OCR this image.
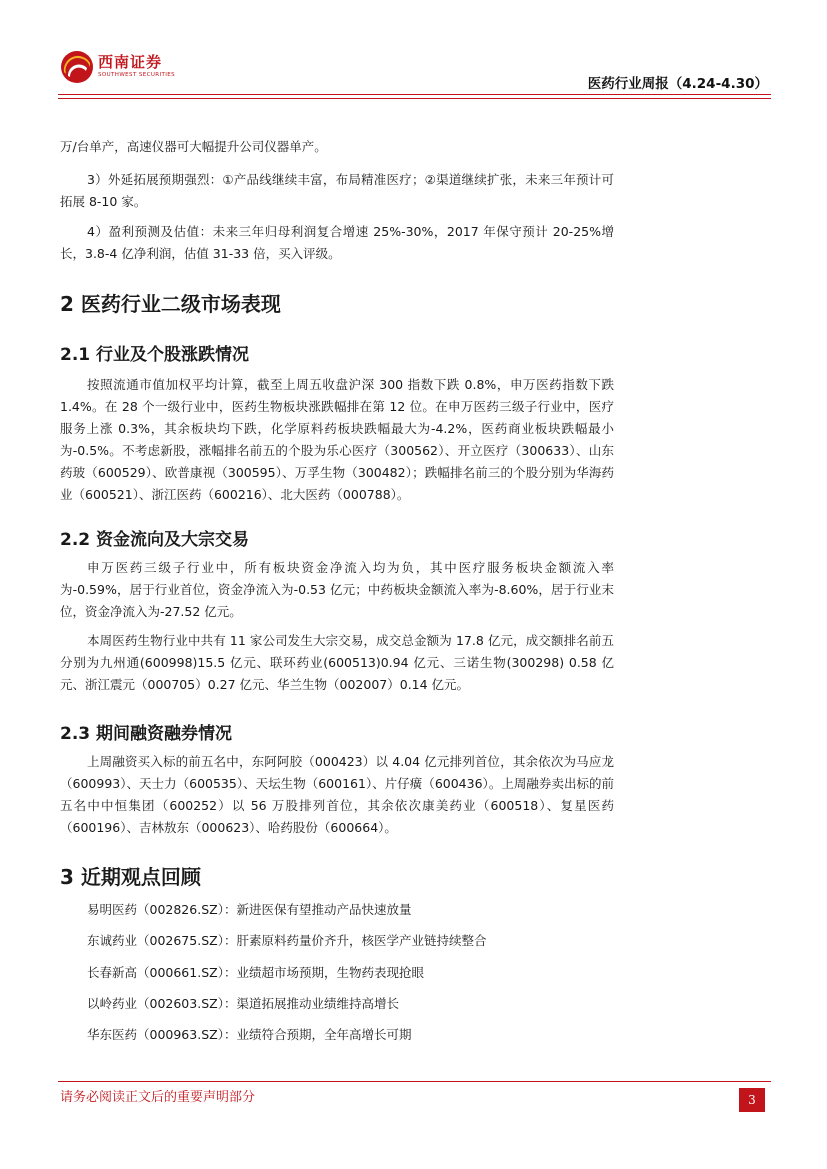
西南证券
SOUTHWEST SECURITIES
医药行业周报（4.24-4.30）

万/台单产，高速仪器可大幅提升公司仪器单产。

3）外延拓展预期强烈：①产品线继续丰富，布局精准医疗；②渠道继续扩张，未来三年预计可拓展 8-10 家。

4）盈利预测及估值：未来三年归母利润复合增速 25%-30%，2017 年保守预计 20-25%增长，3.8-4 亿净利润，估值 31-33 倍，买入评级。

2 医药行业二级市场表现
2.1 行业及个股涨跌情况

按照流通市值加权平均计算，截至上周五收盘沪深 300 指数下跌 0.8%，申万医药指数下跌 1.4%。在 28 个一级行业中，医药生物板块涨跌幅排在第 12 位。在申万医药三级子行业中，医疗服务上涨 0.3%，其余板块均下跌，化学原料药板块跌幅最大为-4.2%，医药商业板块跌幅最小为-0.5%。不考虑新股，涨幅排名前五的个股为乐心医疗（300562）、开立医疗（300633）、山东药玻（600529）、欧普康视（300595）、万孚生物（300482）；跌幅排名前三的个股分别为华海药业（600521）、浙江医药（600216）、北大医药（000788）。

2.2 资金流向及大宗交易

申万医药三级子行业中，所有板块资金净流入均为负，其中医疗服务板块金额流入率为-0.59%，居于行业首位，资金净流入为-0.53 亿元；中药板块金额流入率为-8.60%，居于行业末位，资金净流入为-27.52 亿元。

本周医药生物行业中共有 11 家公司发生大宗交易，成交总金额为 17.8 亿元，成交额排名前五分别为九州通(600998)15.5 亿元、联环药业(600513)0.94 亿元、三诺生物(300298) 0.58 亿元、浙江震元（000705）0.27 亿元、华兰生物（002007）0.14 亿元。

2.3 期间融资融券情况

上周融资买入标的前五名中，东阿阿胶（000423）以 4.04 亿元排列首位，其余依次为马应龙（600993）、天士力（600535）、天坛生物（600161）、片仔癀（600436）。上周融券卖出标的前五名中中恒集团（600252）以 56 万股排列首位，其余依次康美药业（600518）、复星医药（600196）、吉林敖东（000623）、哈药股份（600664）。

3 近期观点回顾
易明医药（002826.SZ）：新进医保有望推动产品快速放量
东诚药业（002675.SZ）：肝素原料药量价齐升，核医学产业链持续整合
长春新高（000661.SZ）：业绩超市场预期，生物药表现抢眼
以岭药业（002603.SZ）：渠道拓展推动业绩维持高增长
华东医药（000963.SZ）：业绩符合预期，全年高增长可期
请务必阅读正文后的重要声明部分	3
